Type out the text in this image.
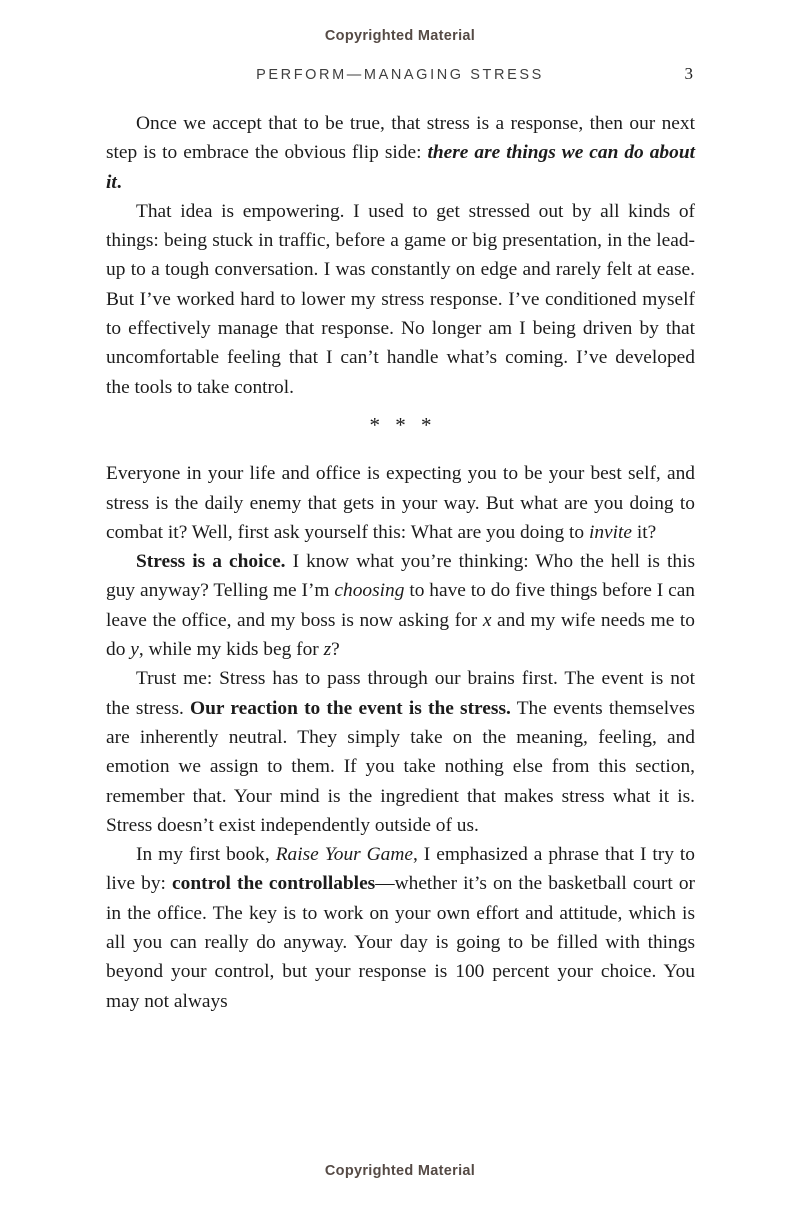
Copyrighted Material
PERFORM—MANAGING STRESS	3

Once we accept that to be true, that stress is a response, then our next step is to embrace the obvious flip side: there are things we can do about it.

That idea is empowering. I used to get stressed out by all kinds of things: being stuck in traffic, before a game or big presentation, in the lead-up to a tough conversation. I was constantly on edge and rarely felt at ease. But I’ve worked hard to lower my stress response. I’ve conditioned myself to effectively manage that response. No longer am I being driven by that uncomfortable feeling that I can’t handle what’s coming. I’ve developed the tools to take control.

* * *

Everyone in your life and office is expecting you to be your best self, and stress is the daily enemy that gets in your way. But what are you doing to combat it? Well, first ask yourself this: What are you doing to invite it?

Stress is a choice. I know what you’re thinking: Who the hell is this guy anyway? Telling me I’m choosing to have to do five things before I can leave the office, and my boss is now asking for x and my wife needs me to do y, while my kids beg for z?

Trust me: Stress has to pass through our brains first. The event is not the stress. Our reaction to the event is the stress. The events themselves are inherently neutral. They simply take on the meaning, feeling, and emotion we assign to them. If you take nothing else from this section, remember that. Your mind is the ingredient that makes stress what it is. Stress doesn’t exist independently outside of us.

In my first book, Raise Your Game, I emphasized a phrase that I try to live by: control the controllables—whether it’s on the basketball court or in the office. The key is to work on your own effort and attitude, which is all you can really do anyway. Your day is going to be filled with things beyond your control, but your response is 100 percent your choice. You may not always

Copyrighted Material
